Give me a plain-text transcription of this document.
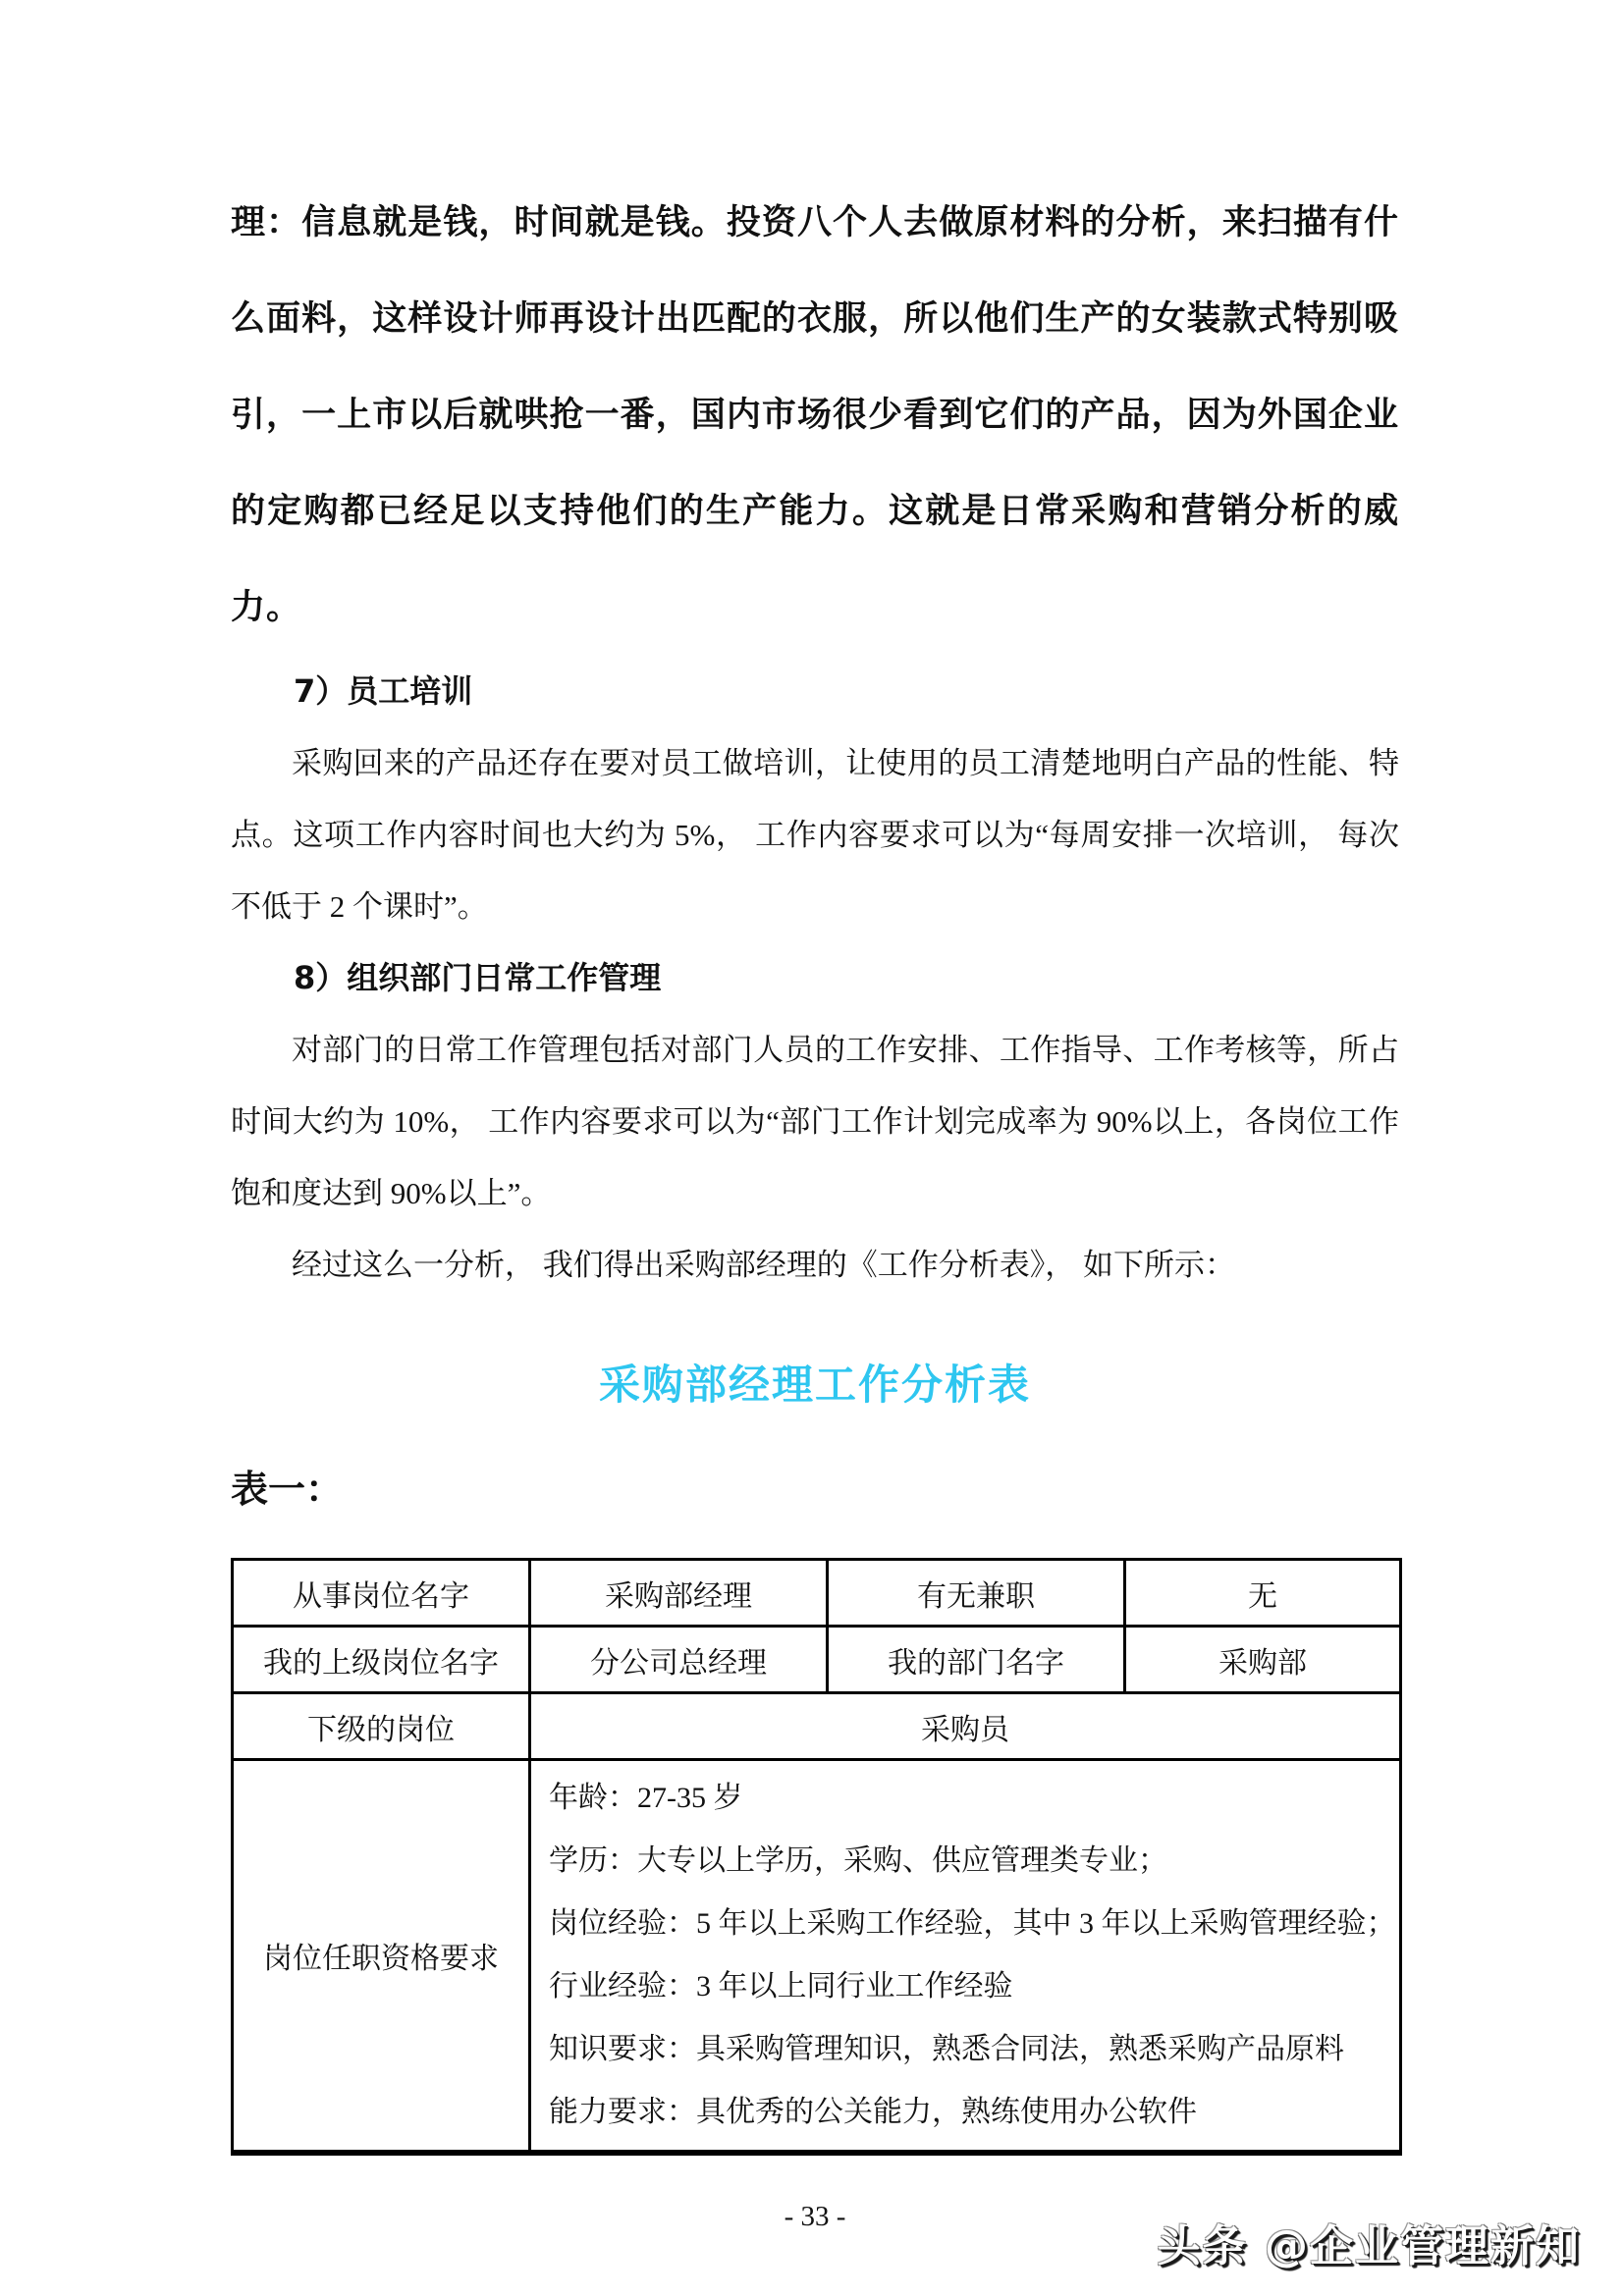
理：信息就是钱，时间就是钱。投资八个人去做原材料的分析，来扫描有什么面料，这样设计师再设计出匹配的衣服，所以他们生产的女装款式特别吸引，一上市以后就哄抢一番，国内市场很少看到它们的产品，因为外国企业的定购都已经足以支持他们的生产能力。这就是日常采购和营销分析的威力。

7）员工培训

采购回来的产品还存在要对员工做培训，让使用的员工清楚地明白产品的性能、特点。这项工作内容时间也大约为 5%， 工作内容要求可以为“每周安排一次培训， 每次不低于 2 个课时”。

8）组织部门日常工作管理

对部门的日常工作管理包括对部门人员的工作安排、工作指导、工作考核等，所占时间大约为 10%， 工作内容要求可以为“部门工作计划完成率为 90%以上，各岗位工作饱和度达到 90%以上”。

经过这么一分析， 我们得出采购部经理的《工作分析表》， 如下所示：

采购部经理工作分析表
表一：
从事岗位名字	采购部经理	有无兼职	无
我的上级岗位名字	分公司总经理	我的部门名字	采购部
下级的岗位	采购员		
岗位任职资格要求	
年龄：27-35 岁
学历：大专以上学历，采购、供应管理类专业；
岗位经验：5 年以上采购工作经验，其中 3 年以上采购管理经验；
行业经验：3 年以上同行业工作经验
知识要求：具采购管理知识，熟悉合同法，熟悉采购产品原料
能力要求：具优秀的公关能力，熟练使用办公软件
- 33 -
头条 @企业管理新知
